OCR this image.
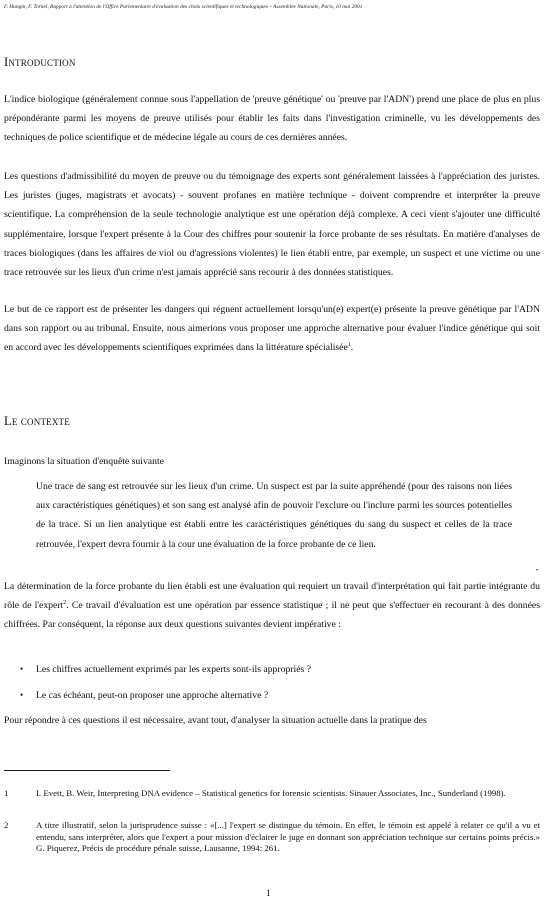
F. Hungin, F. Tornel, Rapport à l'attention de l'Office Parlementaire d'évaluation des choix scientifiques et technologiques – Assemblée Nationale, Paris, 10 mai 2001
Introduction

L'indice biologique (généralement connue sous l'appellation de 'preuve génétique' ou 'preuve par l'ADN') prend une place de plus en plus prépondérante parmi les moyens de preuve utilisés pour établir les faits dans l'investigation criminelle, vu les développements des techniques de police scientifique et de médecine légale au cours de ces dernières années.

Les questions d'admissibilité du moyen de preuve ou du témoignage des experts sont généralement laissées à l'appréciation des juristes. Les juristes (juges, magistrats et avocats) - souvent profanes en matière technique - doivent comprendre et interpréter la preuve scientifique. La compréhension de la seule technologie analytique est une opération déjà complexe. A ceci vient s'ajouter une difficulté supplémentaire, lorsque l'expert présente à la Cour des chiffres pour soutenir la force probante de ses résultats. En matière d'analyses de traces biologiques (dans les affaires de viol ou d'agressions violentes) le lien établi entre, par exemple, un suspect et une victime ou une trace retrouvée sur les lieux d'un crime n'est jamais apprécié sans recourir à des données statistiques.

Le but de ce rapport est de présenter les dangers qui régnent actuellement lorsqu'un(e) expert(e) présente la preuve génétique par l'ADN dans son rapport ou au tribunal. Ensuite, nous aimerions vous proposer une approche alternative pour évaluer l'indice génétique qui soit en accord avec les développements scientifiques exprimées dans la littérature spécialisée$^1$.

Le contexte

Imaginons la situation d'enquête suivante

Une trace de sang est retrouvée sur les lieux d'un crime. Un suspect est par la suite appréhendé (pour des raisons non liées aux caractéristiques génétiques) et son sang est analysé afin de pouvoir l'exclure ou l'inclure parmi les sources potentielles de la trace. Si un lien analytique est établi entre les caractéristiques génétiques du sang du suspect et celles de la trace retrouvée, l'expert devra fournir à la cour une évaluation de la force probante de ce lien.

•

La détermination de la force probante du lien établi est une évaluation qui requiert un travail d'interprétation qui fait partie intégrante du rôle de l'expert$^2$. Ce travail d'évaluation est une opération par essence statistique ; il ne peut que s'effectuer en recourant à des données chiffrées. Par conséquent, la réponse aux deux questions suivantes devient impérative :

• Les chiffres actuellement exprimés par les experts sont-ils appropriés ?
• Le cas échéant, peut-on proposer une approche alternative ?

Pour répondre à ces questions il est nécessaire, avant tout, d'analyser la situation actuelle dans la pratique des

1	I. Evett, B. Weir, Interpreting DNA evidence – Statistical genetics for forensic scientists. Sinauer Associates, Inc., Sunderland (1998).
2	A titre illustratif, selon la jurisprudence suisse : «[...] l'expert se distingue du témoin. En effet, le témoin est appelé à relater ce qu'il a vu et entendu, sans interpréter, alors que l'expert a pour mission d'éclairer le juge en donnant son appréciation technique sur certains points précis.» G. Piquerez, Précis de procédure pénale suisse, Lausanne, 1994: 261.
1
